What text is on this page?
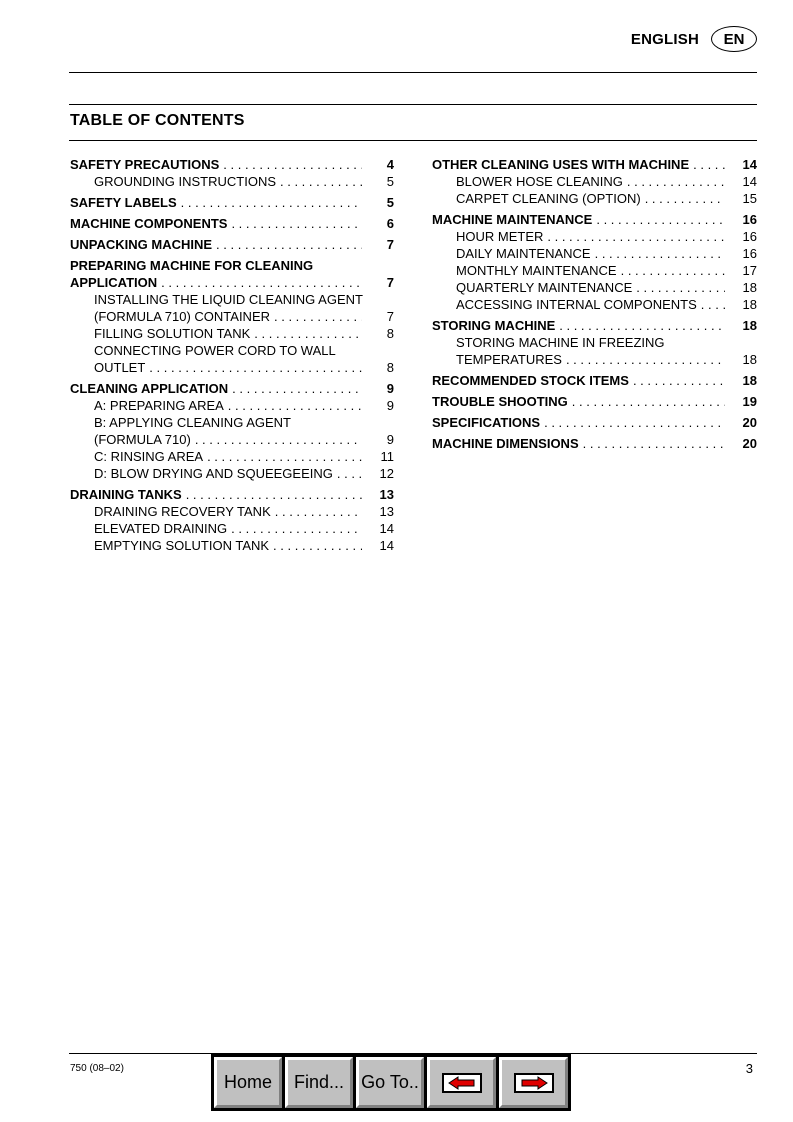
ENGLISH	EN
TABLE OF CONTENTS
SAFETY PRECAUTIONS . . .	4
GROUNDING INSTRUCTIONS . . .	5
SAFETY LABELS . . .	5
MACHINE COMPONENTS . . .	6
UNPACKING MACHINE . . .	7
PREPARING MACHINE FOR CLEANING
APPLICATION . . .	7
INSTALLING THE LIQUID CLEANING AGENT
(FORMULA 710) CONTAINER . . .	7
FILLING SOLUTION TANK . . .	8
CONNECTING POWER CORD TO WALL
OUTLET . . .	8
CLEANING APPLICATION . . .	9
A: PREPARING AREA . . .	9
B: APPLYING CLEANING AGENT
(FORMULA 710) . . .	9
C: RINSING AREA . . .	11
D: BLOW DRYING AND SQUEEGEEING . . .	12
DRAINING TANKS . . .	13
DRAINING RECOVERY TANK . . .	13
ELEVATED DRAINING . . .	14
EMPTYING SOLUTION TANK . . .	14
OTHER CLEANING USES WITH MACHINE . . .	14
BLOWER HOSE CLEANING . . .	14
CARPET CLEANING (OPTION) . . .	15
MACHINE MAINTENANCE . . .	16
HOUR METER . . .	16
DAILY MAINTENANCE . . .	16
MONTHLY MAINTENANCE . . .	17
QUARTERLY MAINTENANCE . . .	18
ACCESSING INTERNAL COMPONENTS . . .	18
STORING MACHINE . . .	18
STORING MACHINE IN FREEZING
TEMPERATURES . . .	18
RECOMMENDED STOCK ITEMS . . .	18
TROUBLE SHOOTING . . .	19
SPECIFICATIONS . . .	20
MACHINE DIMENSIONS . . .	20
750 (08–02)	3
Home	Find... Go To..
